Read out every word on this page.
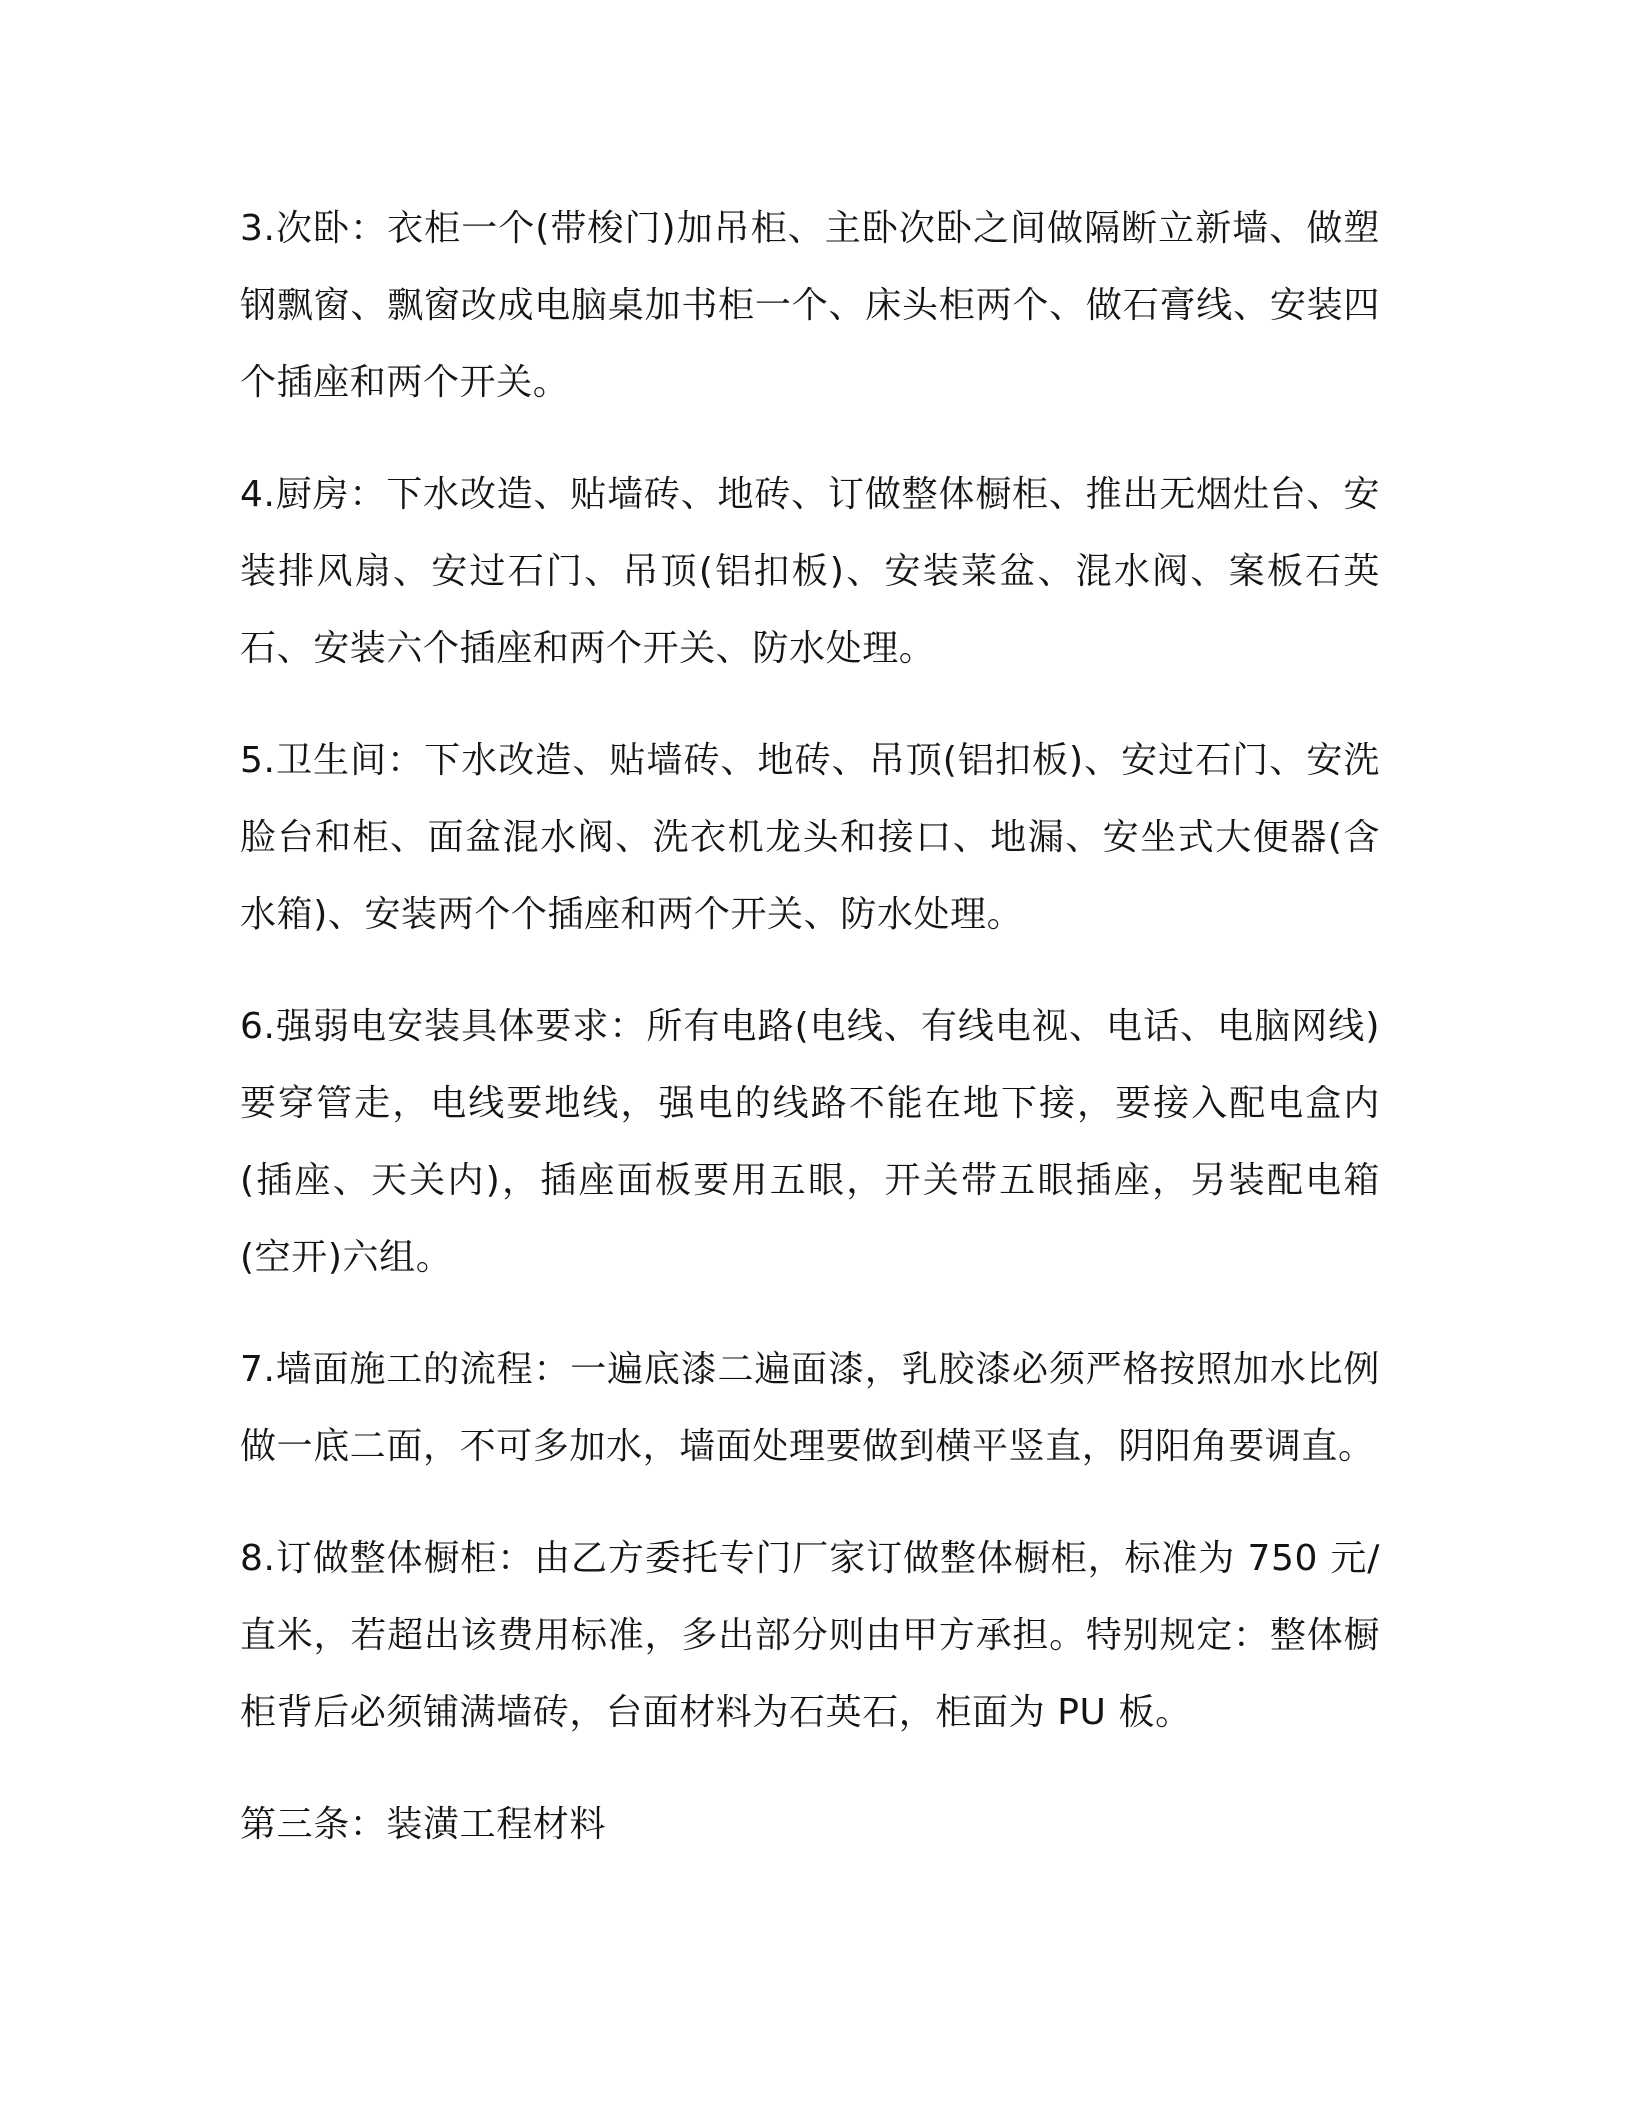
3.次卧：衣柜一个(带梭门)加吊柜、主卧次卧之间做隔断立新墙、做塑钢飘窗、飘窗改成电脑桌加书柜一个、床头柜两个、做石膏线、安装四个插座和两个开关。

4.厨房：下水改造、贴墙砖、地砖、订做整体橱柜、推出无烟灶台、安装排风扇、安过石门、吊顶(铝扣板)、安装菜盆、混水阀、案板石英石、安装六个插座和两个开关、防水处理。

5.卫生间：下水改造、贴墙砖、地砖、吊顶(铝扣板)、安过石门、安洗脸台和柜、面盆混水阀、洗衣机龙头和接口、地漏、安坐式大便器(含水箱)、安装两个个插座和两个开关、防水处理。

6.强弱电安装具体要求：所有电路(电线、有线电视、电话、电脑网线)要穿管走，电线要地线，强电的线路不能在地下接，要接入配电盒内(插座、天关内)，插座面板要用五眼，开关带五眼插座，另装配电箱(空开)六组。

7.墙面施工的流程：一遍底漆二遍面漆，乳胶漆必须严格按照加水比例做一底二面，不可多加水，墙面处理要做到横平竖直，阴阳角要调直。

8.订做整体橱柜：由乙方委托专门厂家订做整体橱柜，标准为 750 元/直米，若超出该费用标准，多出部分则由甲方承担。特别规定：整体橱柜背后必须铺满墙砖，台面材料为石英石，柜面为 PU 板。

第三条：装潢工程材料
